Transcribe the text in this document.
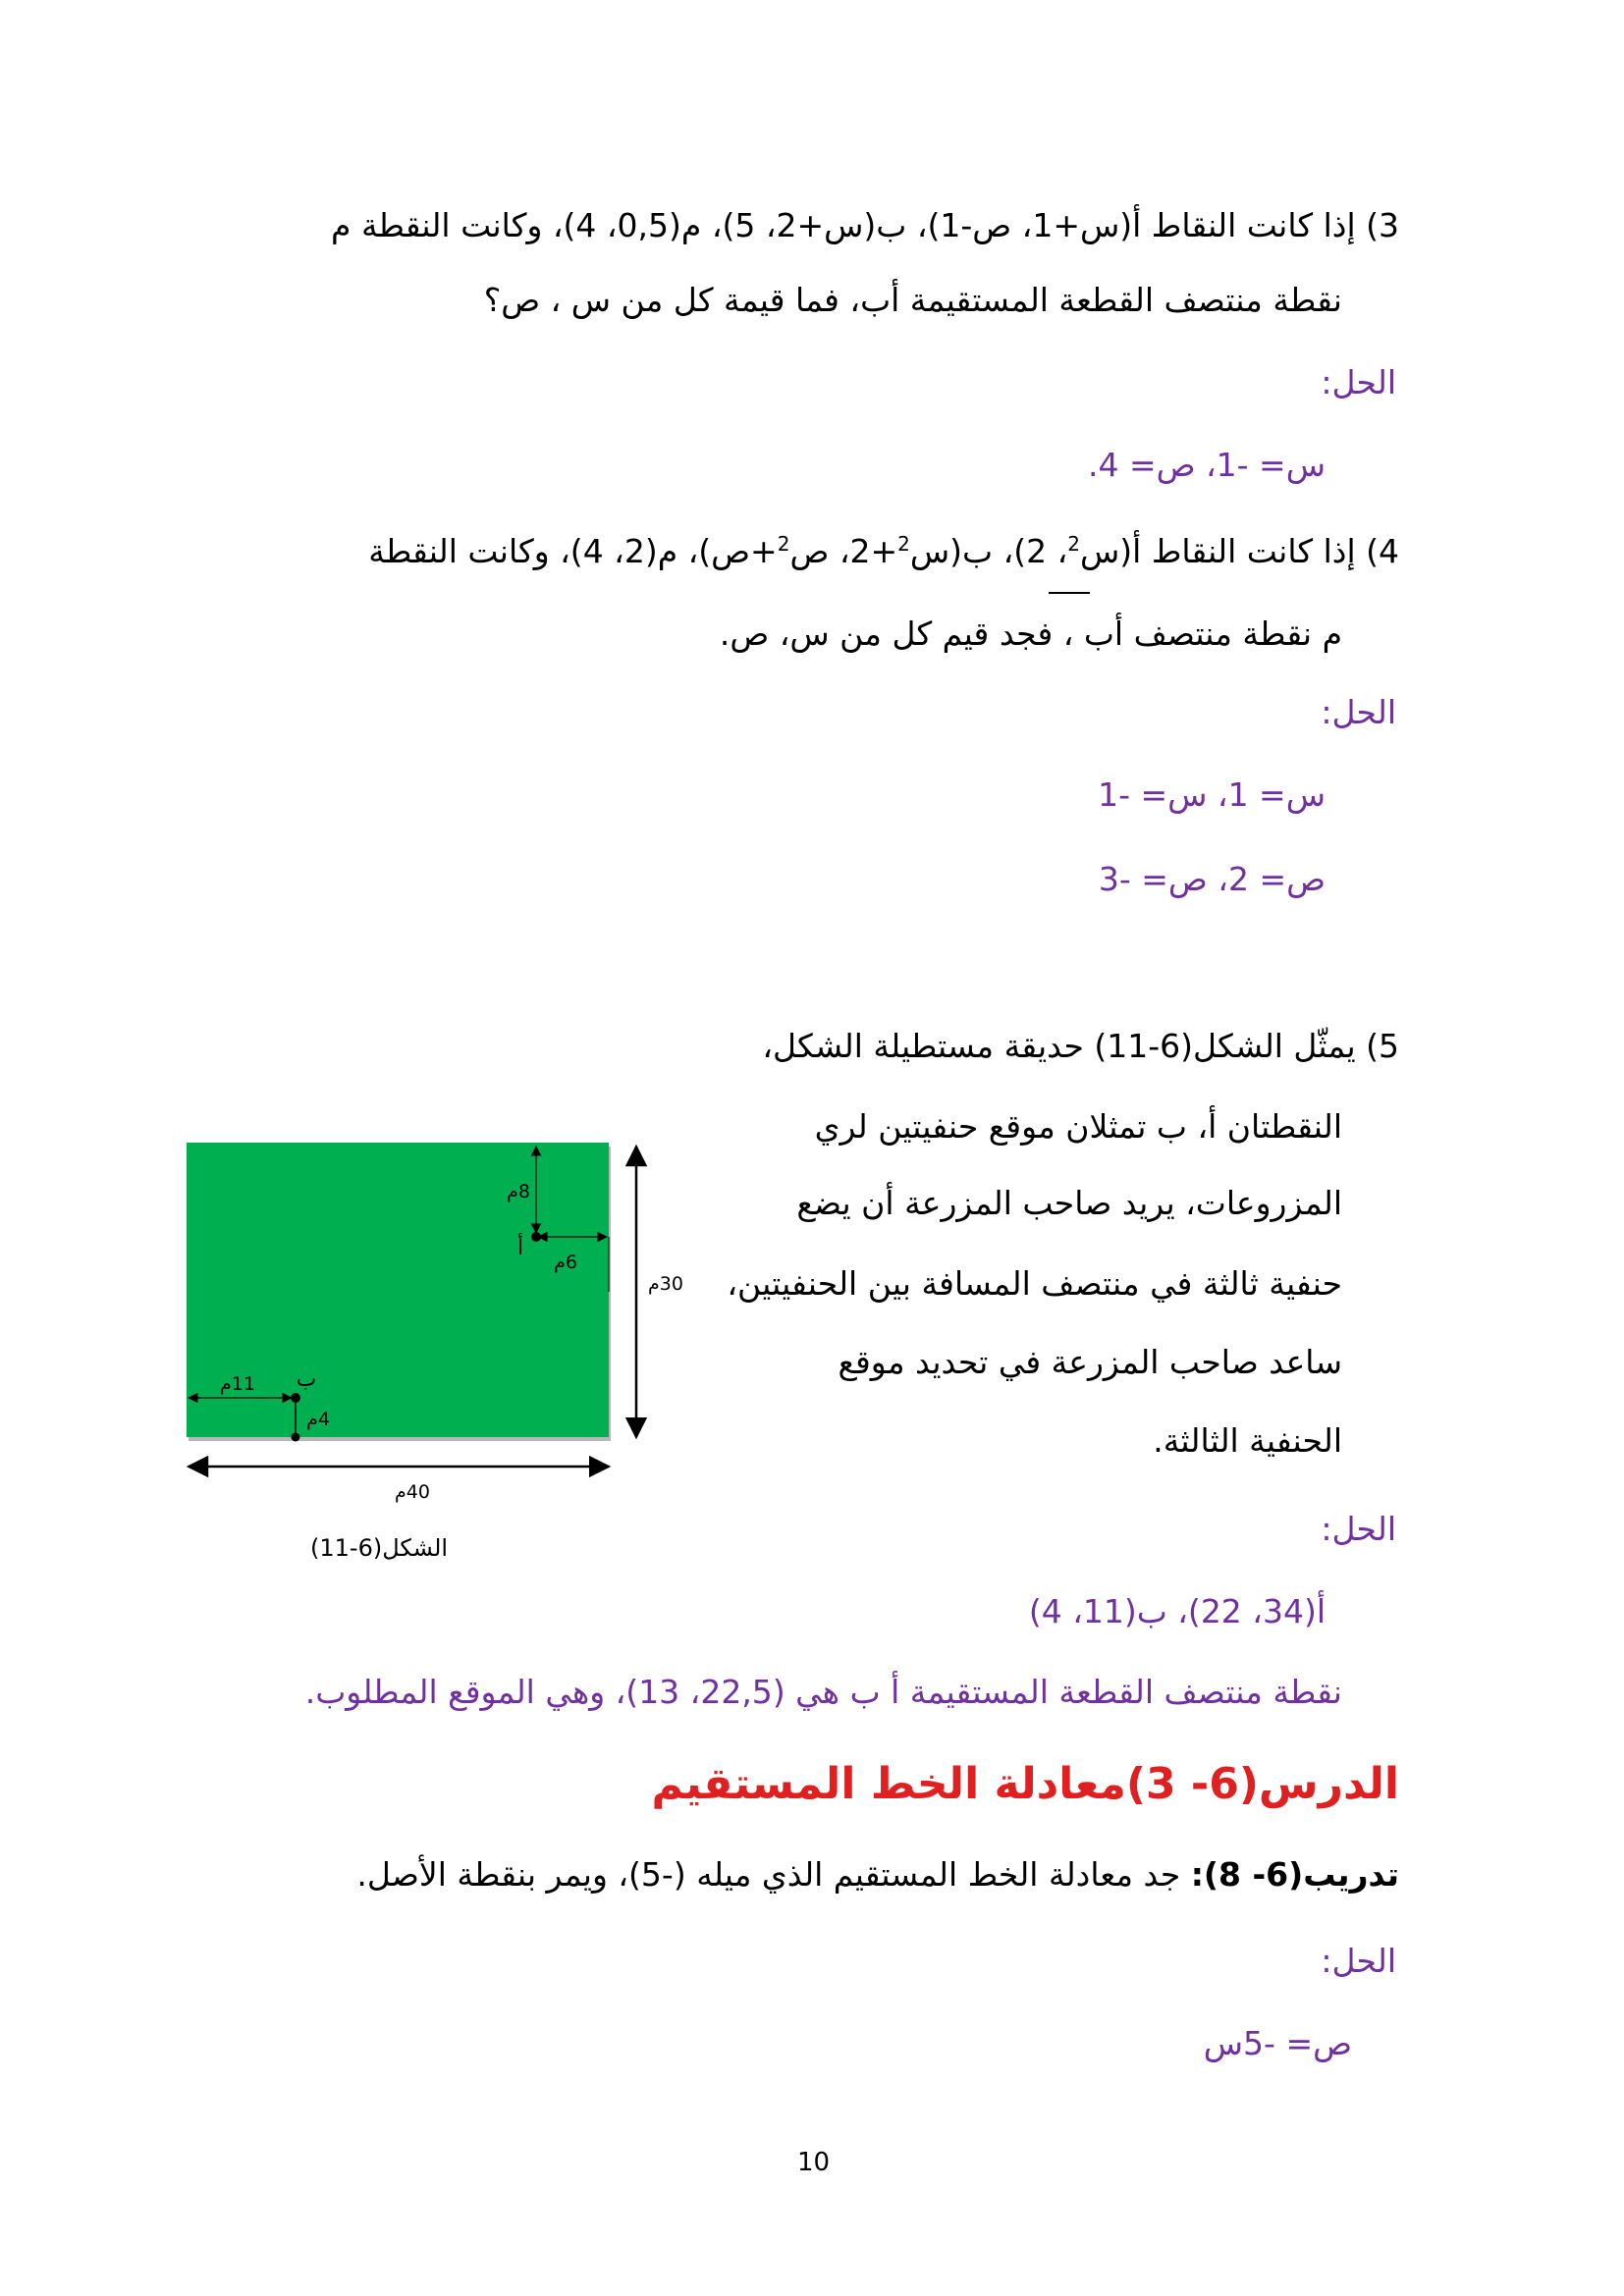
3) إذا كانت النقاط أ(س+1، ص-1)، ب(س+2، 5)، م(0,5، 4)، وكانت النقطة م
نقطة منتصف القطعة المستقيمة أب، فما قيمة كل من س ، ص؟
الحل:
س= -1، ص= 4.
4) إذا كانت النقاط أ(س$^2$، 2)، ب(س$^2$+2، ص$^2$+ص)، م(2، 4)، وكانت النقطة
م نقطة منتصف أب ، فجد قيم كل من س، ص.
الحل:
س= 1، س= -1
ص= 2، ص= -3
5) يمثّل الشكل(6-11) حديقة مستطيلة الشكل،
النقطتان أ، ب تمثلان موقع حنفيتين لري
المزروعات، يريد صاحب المزرعة أن يضع
حنفية ثالثة في منتصف المسافة بين الحنفيتين،
ساعد صاحب المزرعة في تحديد موقع
الحنفية الثالثة.
الحل:
أ(34، 22)، ب(11، 4)
نقطة منتصف القطعة المستقيمة أ ب هي (22,5، 13)، وهي الموقع المطلوب.
30م
40م
8م
6م
أ
11م ب
4م
الشكل(6-11)
الدرس(6- 3)معادلة الخط المستقيم
تدريب(6- 8): جد معادلة الخط المستقيم الذي ميله (-5)، ويمر بنقطة الأصل.
الحل:
ص= -5س
10
